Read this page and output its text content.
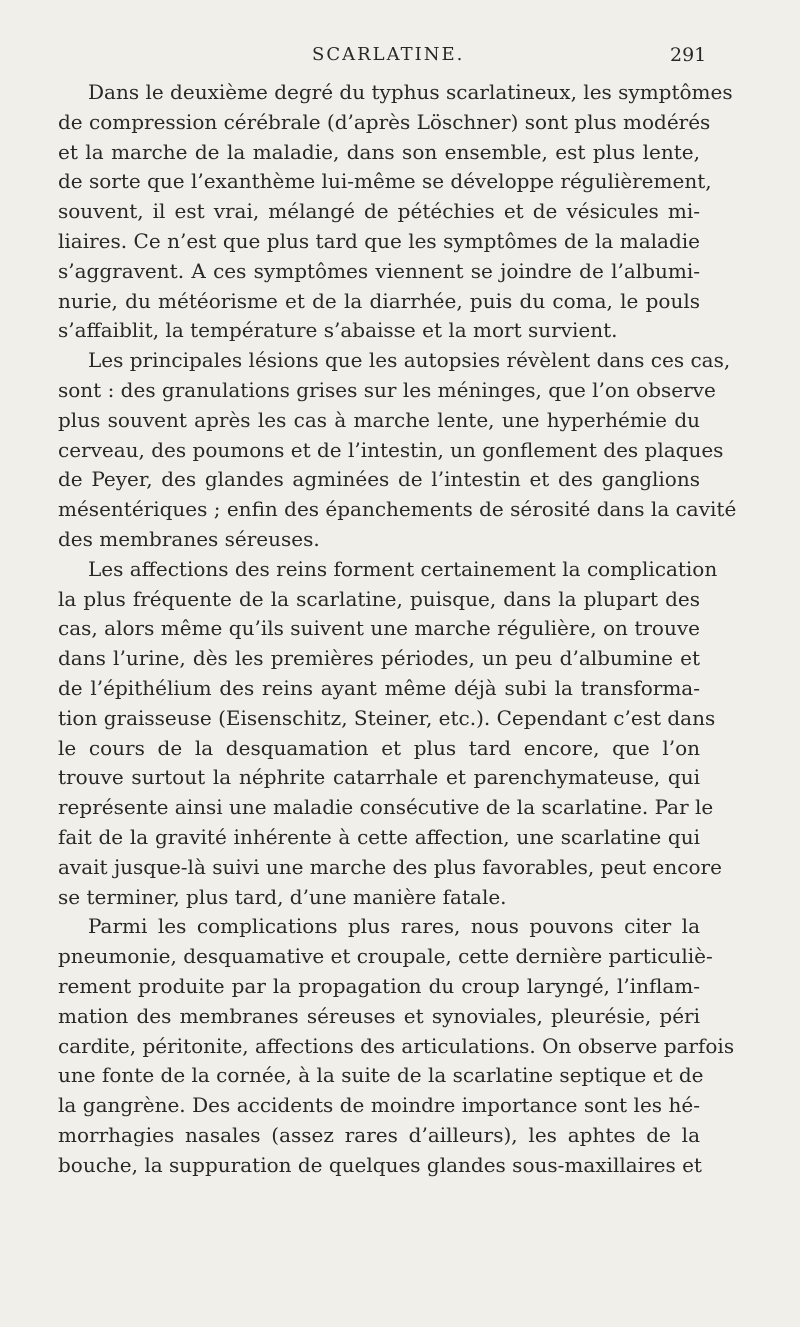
SCARLATINE.	291
Dans le deuxième degré du typhus scarlatineux, les symptômes
de compression cérébrale (d’après Löschner) sont plus modérés
et la marche de la maladie, dans son ensemble, est plus lente,
de sorte que l’exanthème lui-même se développe régulièrement,
souvent, il est vrai, mélangé de pétéchies et de vésicules mi-
liaires. Ce n’est que plus tard que les symptômes de la maladie
s’aggravent. A ces symptômes viennent se joindre de l’albumi-
nurie, du météorisme et de la diarrhée, puis du coma, le pouls
s’affaiblit, la température s’abaisse et la mort survient.
Les principales lésions que les autopsies révèlent dans ces cas,
sont : des granulations grises sur les méninges, que l’on observe
plus souvent après les cas à marche lente, une hyperhémie du
cerveau, des poumons et de l’intestin, un gonflement des plaques
de Peyer, des glandes agminées de l’intestin et des ganglions
mésentériques ; enfin des épanchements de sérosité dans la cavité
des membranes séreuses.
Les affections des reins forment certainement la complication
la plus fréquente de la scarlatine, puisque, dans la plupart des
cas, alors même qu’ils suivent une marche régulière, on trouve
dans l’urine, dès les premières périodes, un peu d’albumine et
de l’épithélium des reins ayant même déjà subi la transforma-
tion graisseuse (Eisenschitz, Steiner, etc.). Cependant c’est dans
le cours de la desquamation et plus tard encore, que l’on
trouve surtout la néphrite catarrhale et parenchymateuse, qui
représente ainsi une maladie consécutive de la scarlatine. Par le
fait de la gravité inhérente à cette affection, une scarlatine qui
avait jusque-là suivi une marche des plus favorables, peut encore
se terminer, plus tard, d’une manière fatale.
Parmi les complications plus rares, nous pouvons citer la
pneumonie, desquamative et croupale, cette dernière particuliè-
rement produite par la propagation du croup laryngé, l’inflam-
mation des membranes séreuses et synoviales, pleurésie, péri
cardite, péritonite, affections des articulations. On observe parfois
une fonte de la cornée, à la suite de la scarlatine septique et de
la gangrène. Des accidents de moindre importance sont les hé-
morrhagies nasales (assez rares d’ailleurs), les aphtes de la
bouche, la suppuration de quelques glandes sous-maxillaires et
